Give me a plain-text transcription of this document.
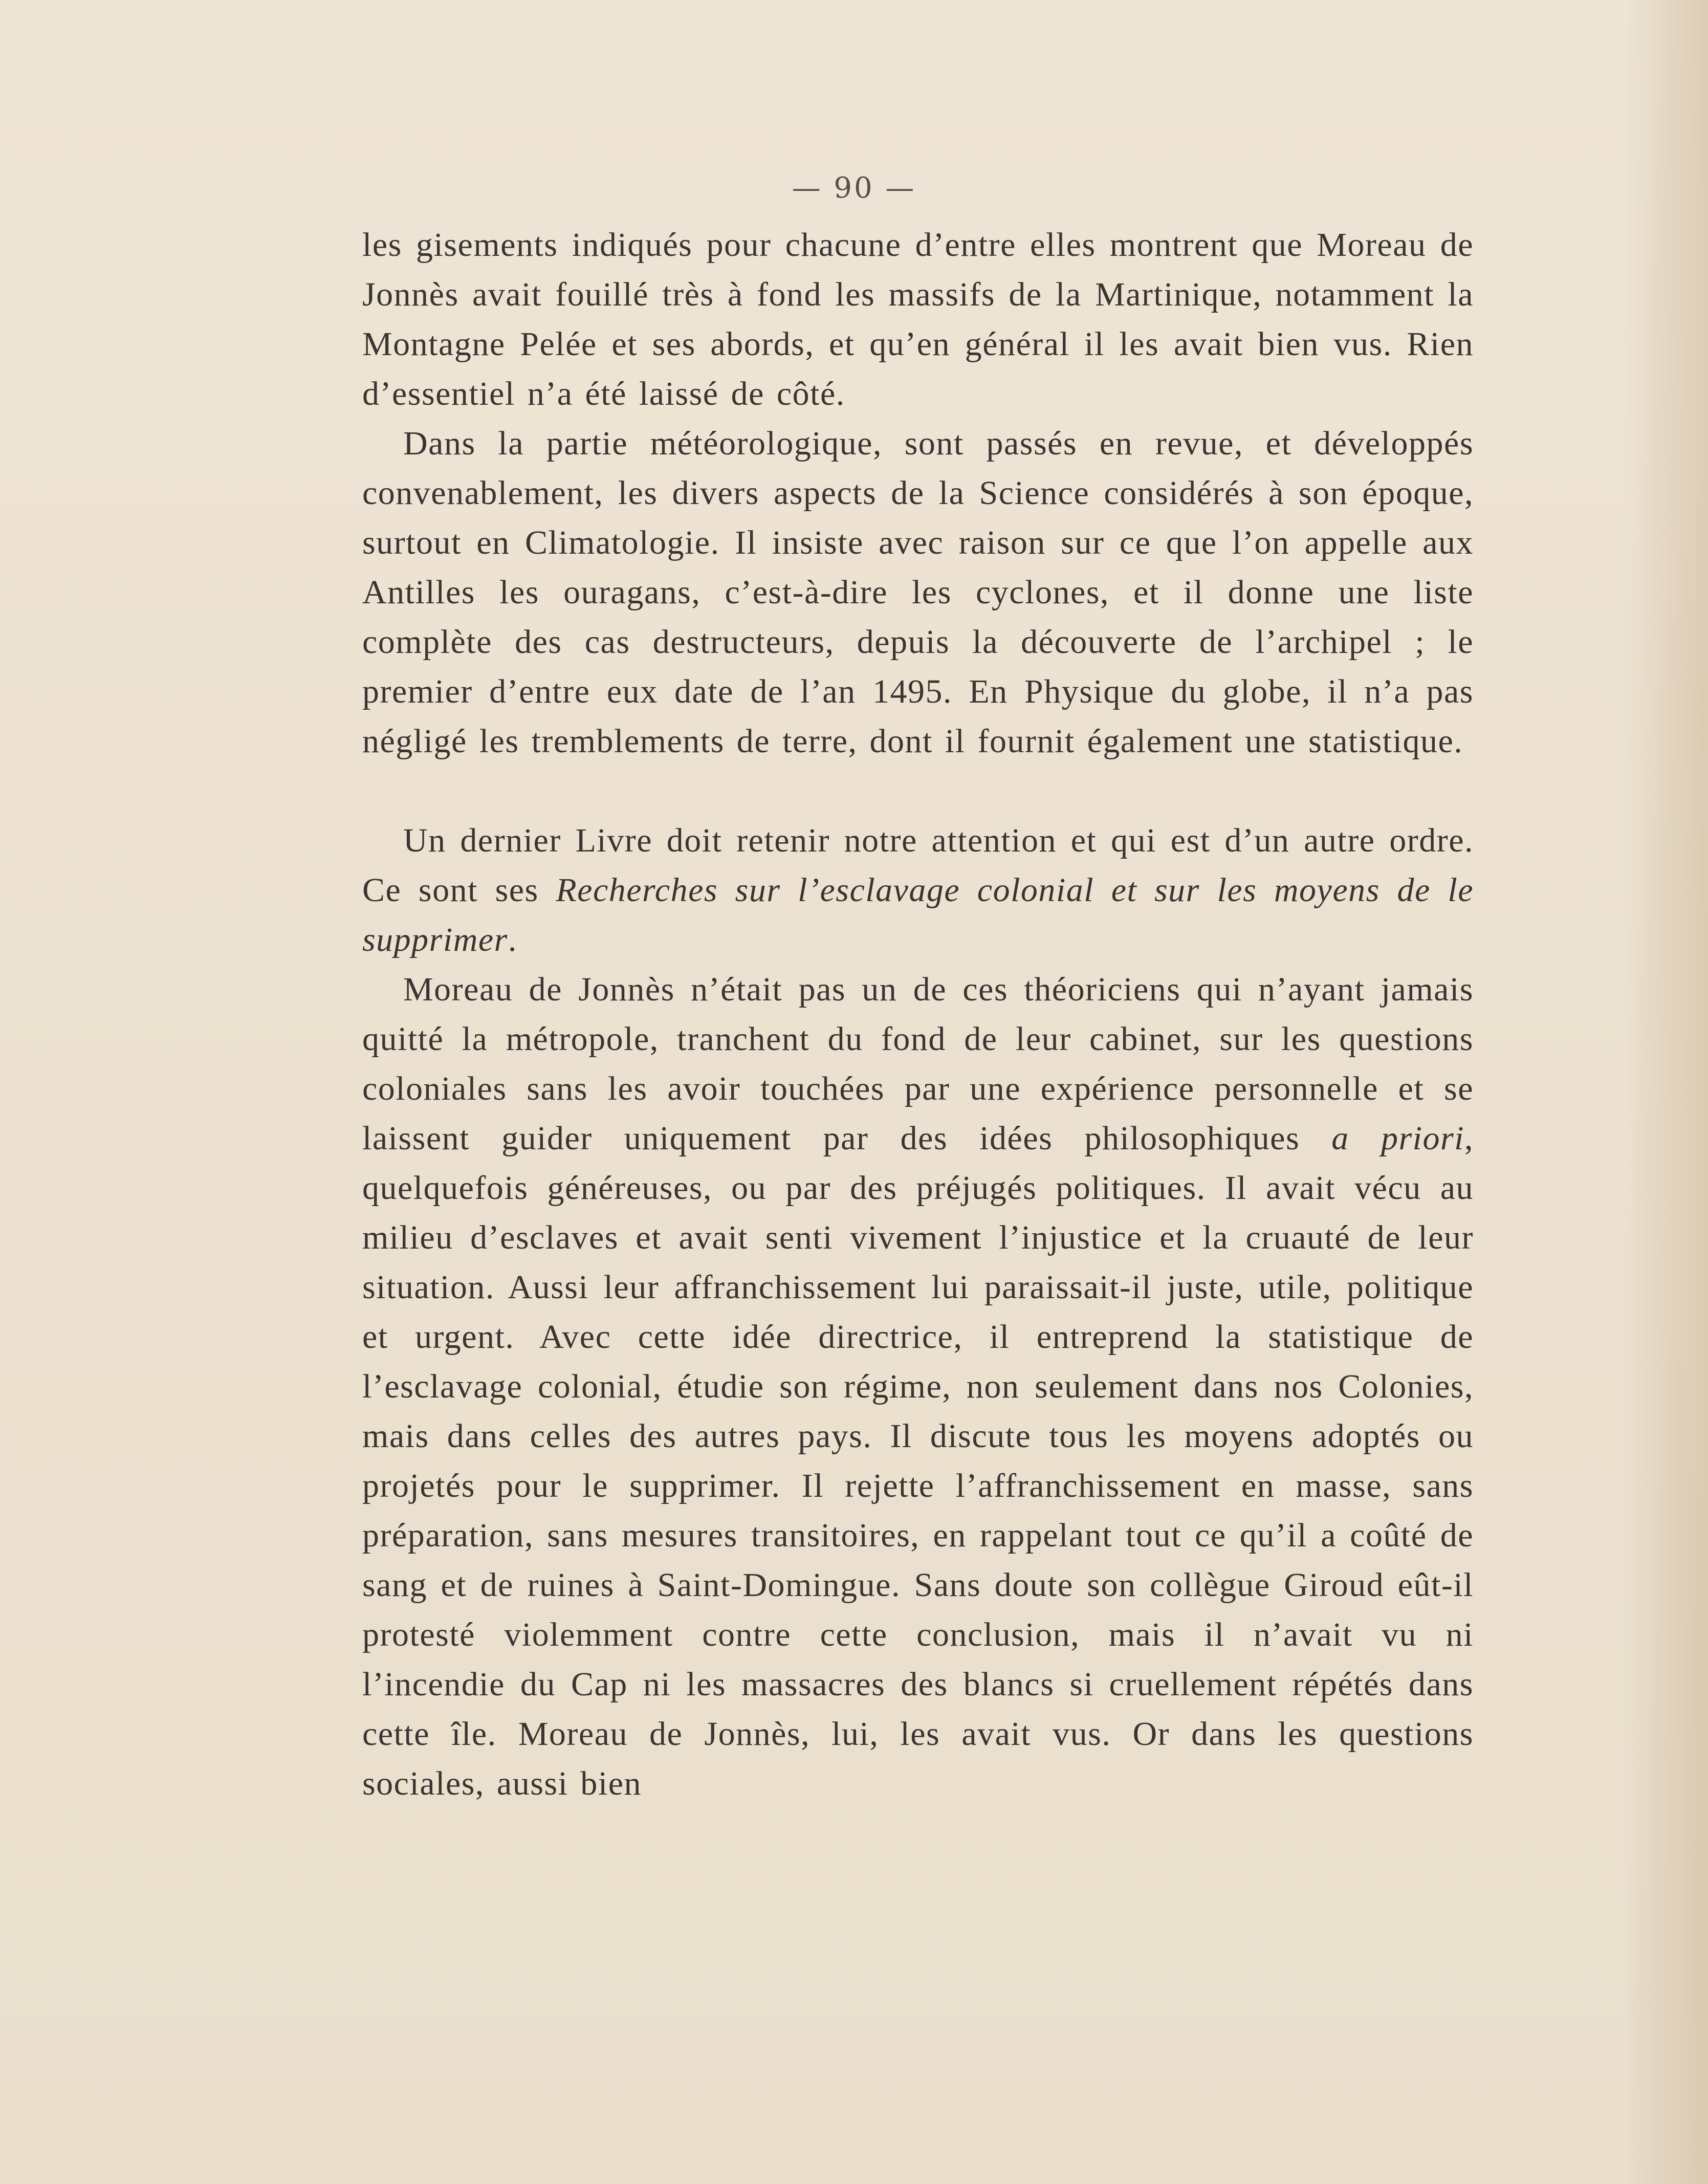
— 90 —

les gisements indiqués pour chacune d’entre elles montrent que Moreau de Jonnès avait fouillé très à fond les massifs de la Martinique, notamment la Montagne Pelée et ses abords, et qu’en général il les avait bien vus. Rien d’essentiel n’a été laissé de côté.

Dans la partie météorologique, sont passés en revue, et développés convenablement, les divers aspects de la Science considérés à son époque, surtout en Climatologie. Il insiste avec raison sur ce que l’on appelle aux Antilles les ouragans, c’est-à-dire les cyclones, et il donne une liste complète des cas destructeurs, depuis la découverte de l’archipel ; le premier d’entre eux date de l’an 1495. En Physique du globe, il n’a pas négligé les tremblements de terre, dont il fournit également une statistique.

Un dernier Livre doit retenir notre attention et qui est d’un autre ordre. Ce sont ses Recherches sur l’esclavage colonial et sur les moyens de le supprimer.

Moreau de Jonnès n’était pas un de ces théoriciens qui n’ayant jamais quitté la métropole, tranchent du fond de leur cabinet, sur les questions coloniales sans les avoir touchées par une expérience personnelle et se laissent guider uniquement par des idées philosophiques a priori, quelquefois généreuses, ou par des préjugés politiques. Il avait vécu au milieu d’esclaves et avait senti vivement l’injustice et la cruauté de leur situation. Aussi leur affranchissement lui paraissait-il juste, utile, politique et urgent. Avec cette idée directrice, il entreprend la statistique de l’esclavage colonial, étudie son régime, non seulement dans nos Colonies, mais dans celles des autres pays. Il discute tous les moyens adoptés ou projetés pour le supprimer. Il rejette l’affranchissement en masse, sans préparation, sans mesures transitoires, en rappelant tout ce qu’il a coûté de sang et de ruines à Saint-Domingue. Sans doute son collègue Giroud eût-il protesté violemment contre cette conclusion, mais il n’avait vu ni l’incendie du Cap ni les massacres des blancs si cruellement répétés dans cette île. Moreau de Jonnès, lui, les avait vus. Or dans les questions sociales, aussi bien
